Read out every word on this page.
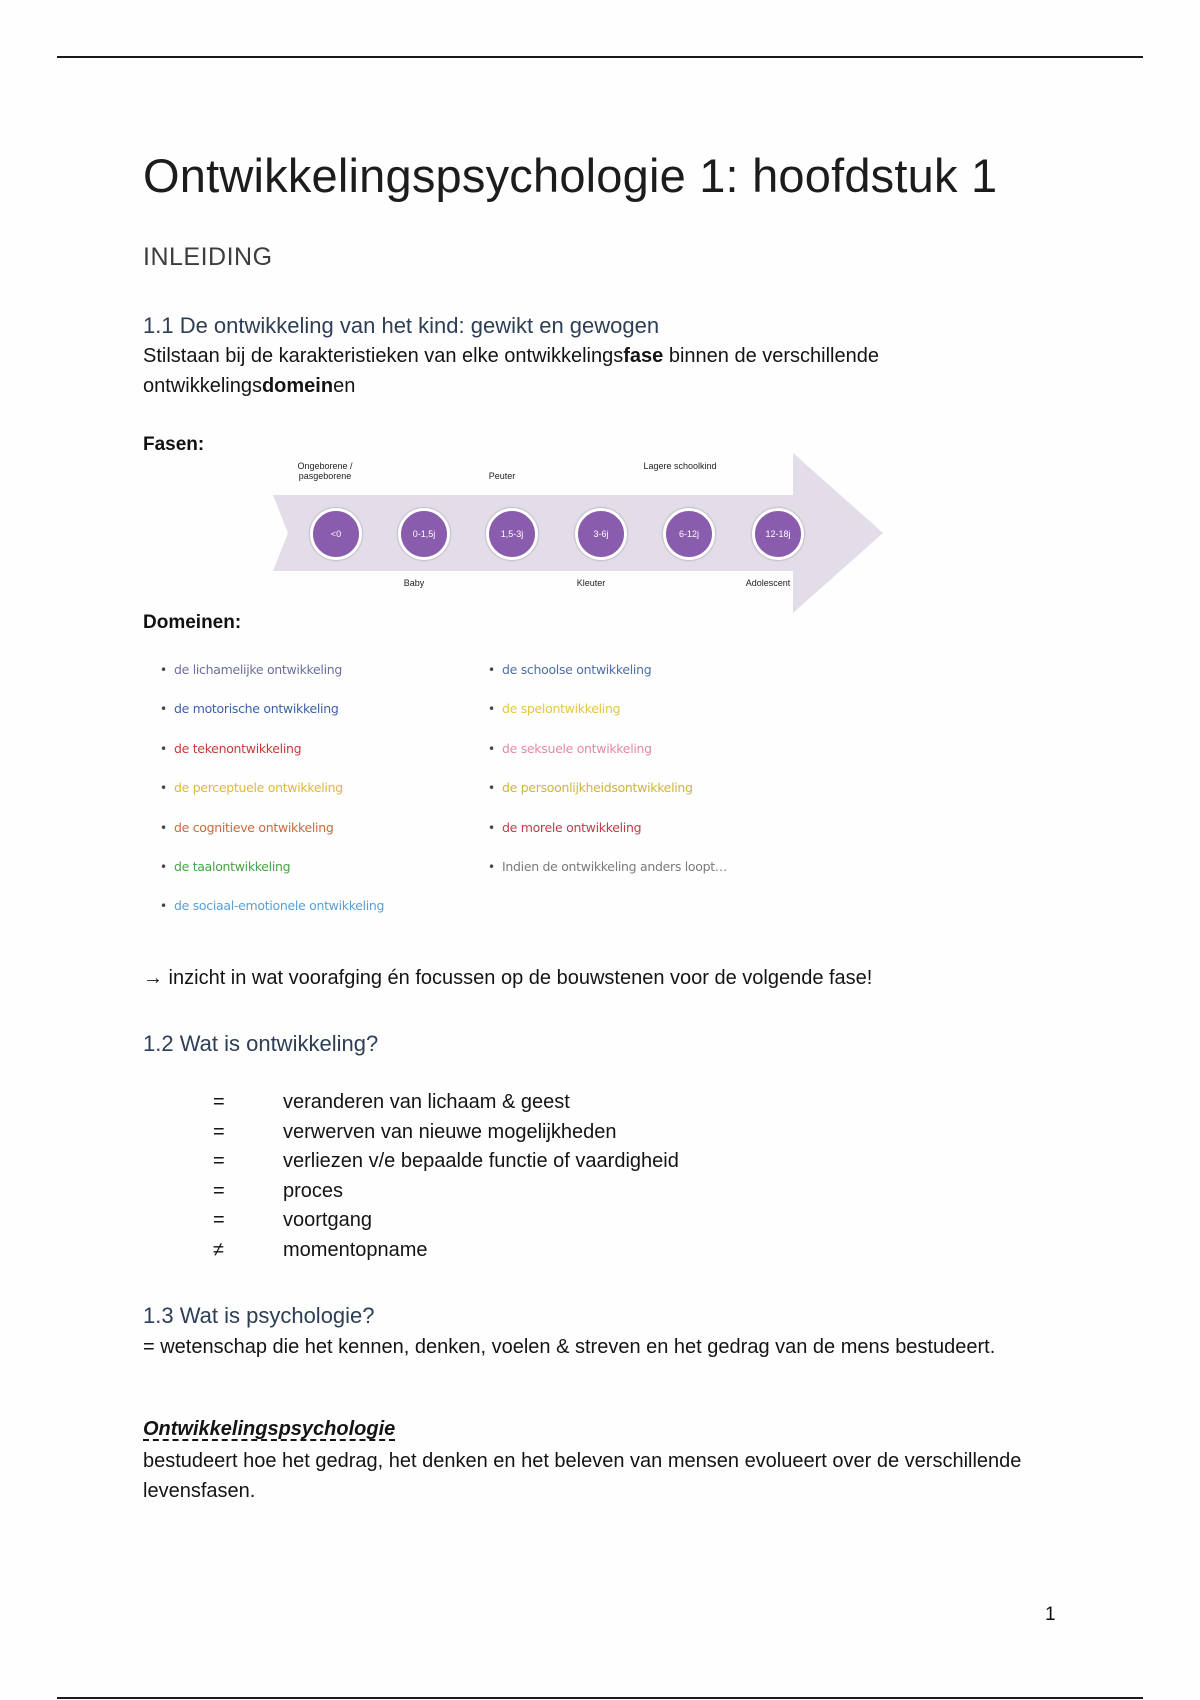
Ontwikkelingspsychologie 1: hoofdstuk 1
INLEIDING
1.1 De ontwikkeling van het kind: gewikt en gewogen

Stilstaan bij de karakteristieken van elke ontwikkelingsfase binnen de verschillende ontwikkelingsdomeinen

Fasen:
<0	0-1,5j	1,5-3j	3-6j	6-12j	12-18j
Ongeborene / pasgeborene	Peuter
Lagere schoolkind
Baby	Kleuter	Adolescent
Domeinen:
• de lichamelijke ontwikkeling
• de motorische ontwikkeling
• de tekenontwikkeling
• de perceptuele ontwikkeling
• de cognitieve ontwikkeling
• de taalontwikkeling
• de sociaal-emotionele ontwikkeling
• de schoolse ontwikkeling
• de spelontwikkeling
• de seksuele ontwikkeling
• de persoonlijkheidsontwikkeling
• de morele ontwikkeling
• Indien de ontwikkeling anders loopt…

→ inzicht in wat voorafging én focussen op de bouwstenen voor de volgende fase!

1.2 Wat is ontwikkeling?
=	veranderen van lichaam & geest
=	verwerven van nieuwe mogelijkheden
=	verliezen v/e bepaalde functie of vaardigheid
=	proces
=	voortgang
≠	momentopname
1.3 Wat is psychologie?

= wetenschap die het kennen, denken, voelen & streven en het gedrag van de mens bestudeert.

Ontwikkelingspsychologie

bestudeert hoe het gedrag, het denken en het beleven van mensen evolueert over de verschillende levensfasen.

1
